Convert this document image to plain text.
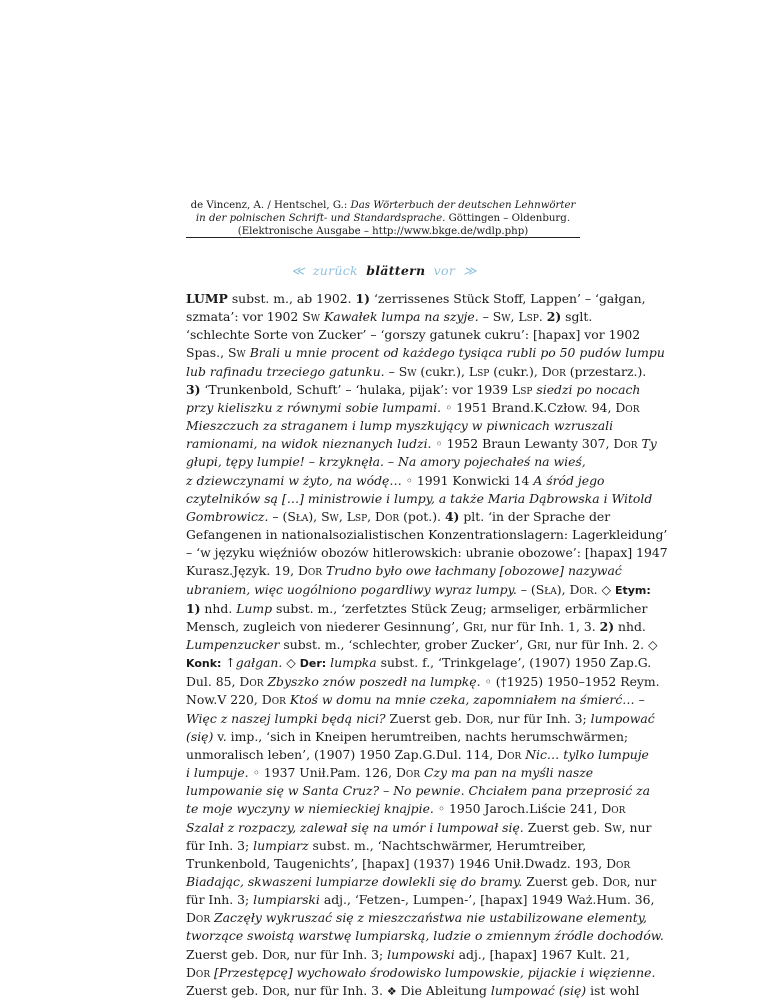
de Vincenz, A. / Hentschel, G.: Das Wörterbuch der deutschen Lehnwörter
in der polnischen Schrift- und Standardsprache. Göttingen – Oldenburg.
(Elektronische Ausgabe – http://www.bkge.de/wdlp.php)
≪ zurück blättern vor ≫

LUMP subst. m., ab 1902. 1) ‘zerrissenes Stück Stoff, Lappen’ – ‘gałgan,

szmata’: vor 1902 Sw Kawałek lumpa na szyje. – Sw, Lsp. 2) sglt.

‘schlechte Sorte von Zucker’ – ‘gorszy gatunek cukru’: [hapax] vor 1902

Spas., Sw Brali u mnie procent od każdego tysiąca rubli po 50 pudów lumpu

lub rafinadu trzeciego gatunku. – Sw (cukr.), Lsp (cukr.), Dor (przestarz.).

3) ‘Trunkenbold, Schuft’ – ‘hulaka, pijak’: vor 1939 Lsp siedzi po nocach

przy kieliszku z równymi sobie lumpami. ◦ 1951 Brand.K.Człow. 94, Dor

Mieszczuch za straganem i lump myszkujący w piwnicach wzruszali

ramionami, na widok nieznanych ludzi. ◦ 1952 Braun Lewanty 307, Dor Ty

głupi, tępy lumpie! – krzyknęła. – Na amory pojechałeś na wieś,

z dziewczynami w żyto, na wódę… ◦ 1991 Konwicki 14 A śród jego

czytelników są […] ministrowie i lumpy, a także Maria Dąbrowska i Witold

Gombrowicz. – (Sła), Sw, Lsp, Dor (pot.). 4) plt. ‘in der Sprache der

Gefangenen in nationalsozialistischen Konzentrationslagern: Lagerkleidung’

– ‘w języku więźniów obozów hitlerowskich: ubranie obozowe’: [hapax] 1947

Kurasz.Język. 19, Dor Trudno było owe łachmany [obozowe] nazywać

ubraniem, więc uogólniono pogardliwy wyraz lumpy. – (Sła), Dor. ◇ Etym:

1) nhd. Lump subst. m., ‘zerfetztes Stück Zeug; armseliger, erbärmlicher

Mensch, zugleich von niederer Gesinnung’, Gri, nur für Inh. 1, 3. 2) nhd.

Lumpenzucker subst. m., ‘schlechter, grober Zucker’, Gri, nur für Inh. 2. ◇

Konk: ↑gałgan. ◇ Der: lumpka subst. f., ‘Trinkgelage’, (1907) 1950 Zap.G.

Dul. 85, Dor Zbyszko znów poszedł na lumpkę. ◦ (†1925) 1950–1952 Reym.

Now.V 220, Dor Ktoś w domu na mnie czeka, zapomniałem na śmierć… –

Więc z naszej lumpki będą nici? Zuerst geb. Dor, nur für Inh. 3; lumpować

(się) v. imp., ‘sich in Kneipen herumtreiben, nachts herumschwärmen;

unmoralisch leben’, (1907) 1950 Zap.G.Dul. 114, Dor Nic… tylko lumpuje

i lumpuje. ◦ 1937 Unił.Pam. 126, Dor Czy ma pan na myśli nasze

lumpowanie się w Santa Cruz? – No pewnie. Chciałem pana przeprosić za

te moje wyczyny w niemieckiej knajpie. ◦ 1950 Jaroch.Liście 241, Dor

Szalał z rozpaczy, zalewał się na umór i lumpował się. Zuerst geb. Sw, nur

für Inh. 3; lumpiarz subst. m., ‘Nachtschwärmer, Herumtreiber,

Trunkenbold, Taugenichts’, [hapax] (1937) 1946 Unił.Dwadz. 193, Dor

Biadając, skwaszeni lumpiarze dowlekli się do bramy. Zuerst geb. Dor, nur

für Inh. 3; lumpiarski adj., ‘Fetzen-, Lumpen-’, [hapax] 1949 Waż.Hum. 36,

Dor Zaczęły wykruszać się z mieszczaństwa nie ustabilizowane elementy,

tworzące swoistą warstwę lumpiarską, ludzie o zmiennym źródle dochodów.

Zuerst geb. Dor, nur für Inh. 3; lumpowski adj., [hapax] 1967 Kult. 21,

Dor [Przestępcę] wychowało środowisko lumpowskie, pijackie i więzienne.

Zuerst geb. Dor, nur für Inh. 3. ❖ Die Ableitung lumpować (się) ist wohl
